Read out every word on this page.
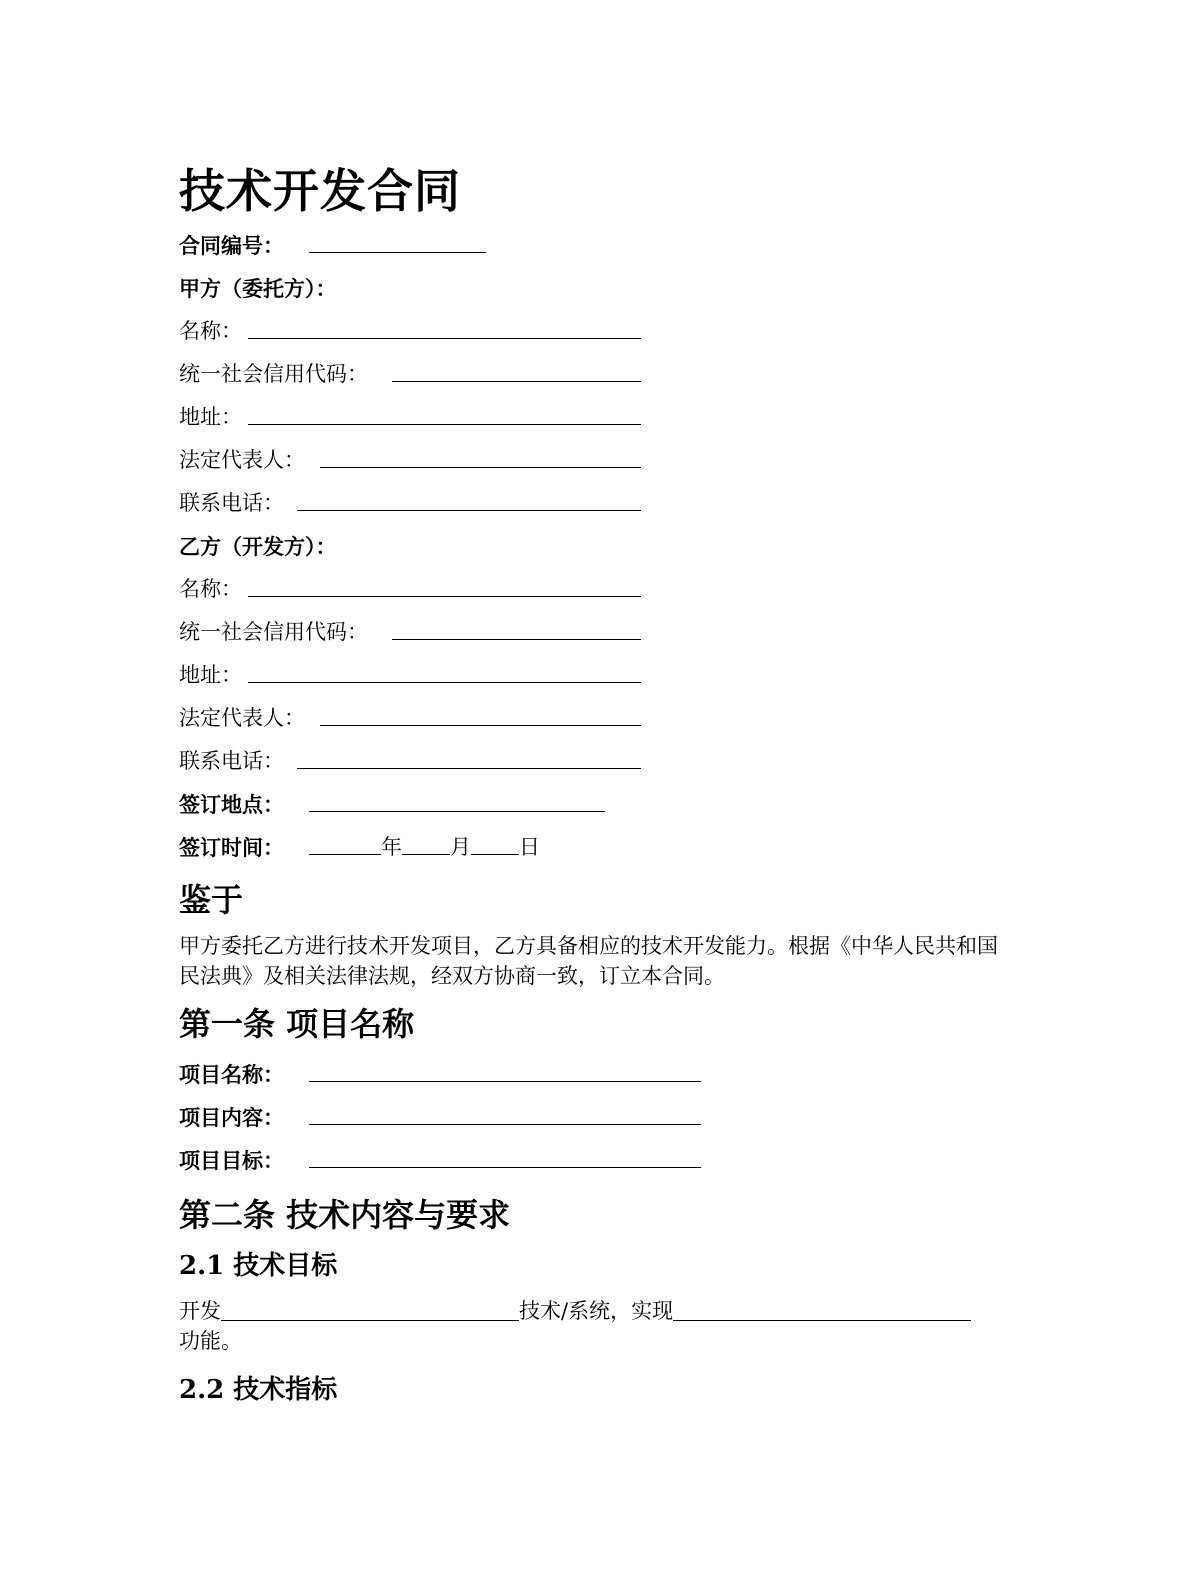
技术开发合同
合同编号：
甲方（委托方）：
名称：
统一社会信用代码：
地址：
法定代表人：
联系电话：
乙方（开发方）：
名称：
统一社会信用代码：
地址：
法定代表人：
联系电话：
签订地点：
签订时间：	年 月 日
鉴于

甲方委托乙方进行技术开发项目，乙方具备相应的技术开发能力。根据《中华人民共和国民法典》及相关法律法规，经双方协商一致，订立本合同。

第一条 项目名称
项目名称：
项目内容：
项目目标：
第二条 技术内容与要求
2.1 技术目标

开发	技术/系统，实现
功能。

2.2 技术指标
